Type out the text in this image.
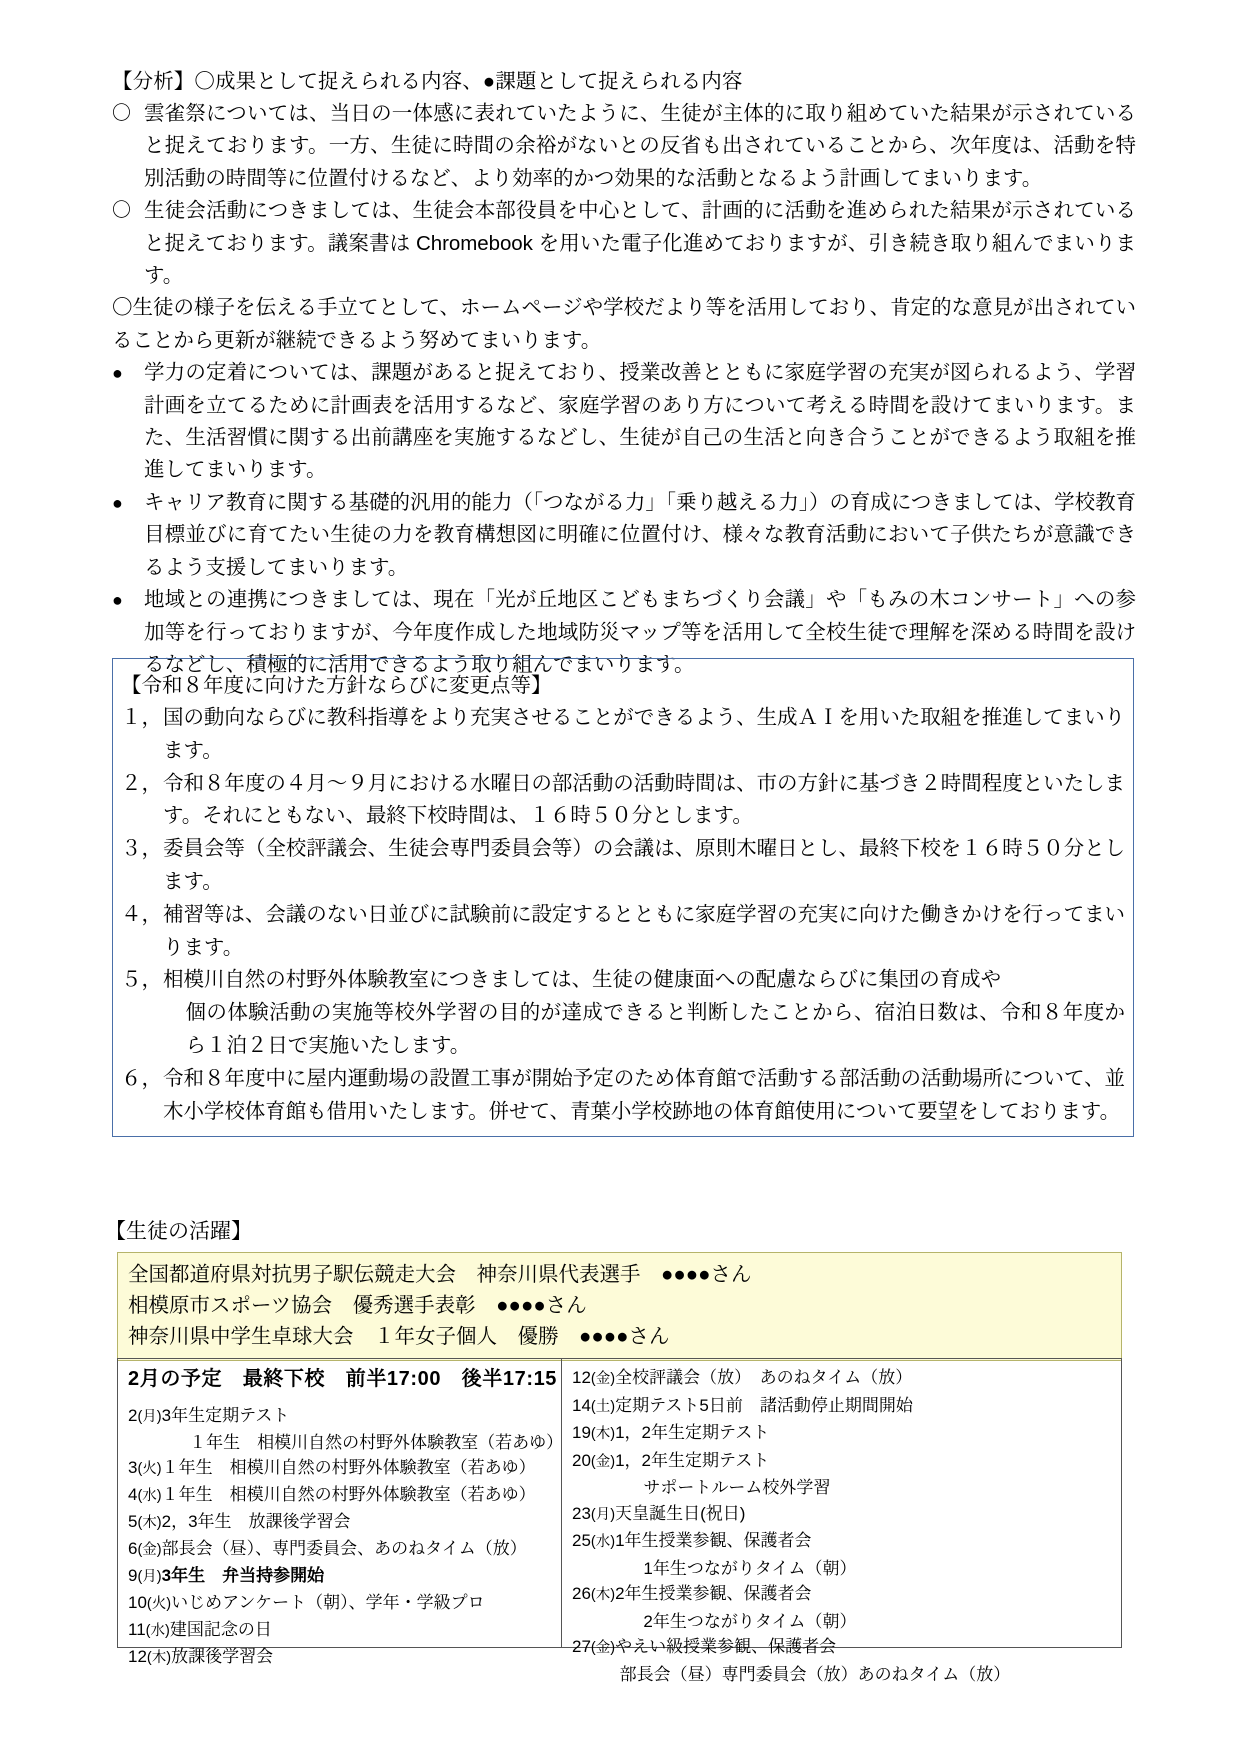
【分析】〇成果として捉えられる内容、●課題として捉えられる内容
〇 雲雀祭については、当日の一体感に表れていたように、生徒が主体的に取り組めていた結果が示されていると捉えております。一方、生徒に時間の余裕がないとの反省も出されていることから、次年度は、活動を特別活動の時間等に位置付けるなど、より効率的かつ効果的な活動となるよう計画してまいります。
〇 生徒会活動につきましては、生徒会本部役員を中心として、計画的に活動を進められた結果が示されていると捉えております。議案書は Chromebook を用いた電子化進めておりますが、引き続き取り組んでまいります。
〇生徒の様子を伝える手立てとして、ホームページや学校だより等を活用しており、肯定的な意見が出されていることから更新が継続できるよう努めてまいります。
●	学力の定着については、課題があると捉えており、授業改善とともに家庭学習の充実が図られるよう、学習計画を立てるために計画表を活用するなど、家庭学習のあり方について考える時間を設けてまいります。また、生活習慣に関する出前講座を実施するなどし、生徒が自己の生活と向き合うことができるよう取組を推進してまいります。
●	キャリア教育に関する基礎的汎用的能力（「つながる力」「乗り越える力」）の育成につきましては、学校教育目標並びに育てたい生徒の力を教育構想図に明確に位置付け、様々な教育活動において子供たちが意識できるよう支援してまいります。
●	地域との連携につきましては、現在「光が丘地区こどもまちづくり会議」や「もみの木コンサート」への参加等を行っておりますが、今年度作成した地域防災マップ等を活用して全校生徒で理解を深める時間を設けるなどし、積極的に活用できるよう取り組んでまいります。
【令和８年度に向けた方針ならびに変更点等】
１， 国の動向ならびに教科指導をより充実させることができるよう、生成ＡＩを用いた取組を推進してまいります。
２， 令和８年度の４月〜９月における水曜日の部活動の活動時間は、市の方針に基づき２時間程度といたします。それにともない、最終下校時間は、１６時５０分とします。
３， 委員会等（全校評議会、生徒会専門委員会等）の会議は、原則木曜日とし、最終下校を１６時５０分とします。
４， 補習等は、会議のない日並びに試験前に設定するとともに家庭学習の充実に向けた働きかけを行ってまいります。
５， 相模川自然の村野外体験教室につきましては、生徒の健康面への配慮ならびに集団の育成や
個の体験活動の実施等校外学習の目的が達成できると判断したことから、宿泊日数は、令和８年度から１泊２日で実施いたします。
６， 令和８年度中に屋内運動場の設置工事が開始予定のため体育館で活動する部活動の活動場所について、並木小学校体育館も借用いたします。併せて、青葉小学校跡地の体育館使用について要望をしております。
【生徒の活躍】
全国都道府県対抗男子駅伝競走大会　神奈川県代表選手　●●●●さん
相模原市スポーツ協会　優秀選手表彰　●●●●さん
神奈川県中学生卓球大会　１年女子個人　優勝　●●●●さん
2月の予定　最終下校　前半17:00　後半17:15
2(月)3年生定期テスト
１年生　相模川自然の村野外体験教室（若あゆ）
3(火)１年生　相模川自然の村野外体験教室（若あゆ）
4(水)１年生　相模川自然の村野外体験教室（若あゆ）
5(木)2，3年生　放課後学習会
6(金)部長会（昼）、専門委員会、あのねタイム（放）
9(月)3年生　弁当持参開始
10(火)いじめアンケート（朝）、学年・学級プロ
11(水)建国記念の日
12(木)放課後学習会
12(金)全校評議会（放）　あのねタイム（放）
14(土)定期テスト5日前　諸活動停止期間開始
19(木)1，2年生定期テスト
20(金)1，2年生定期テスト
サポートルーム校外学習
23(月)天皇誕生日(祝日)
25(水)1年生授業参観、保護者会
1年生つながりタイム（朝）
26(木)2年生授業参観、保護者会
2年生つながりタイム（朝）
27(金)やえい級授業参観、保護者会
部長会（昼）専門委員会（放）あのねタイム（放）
